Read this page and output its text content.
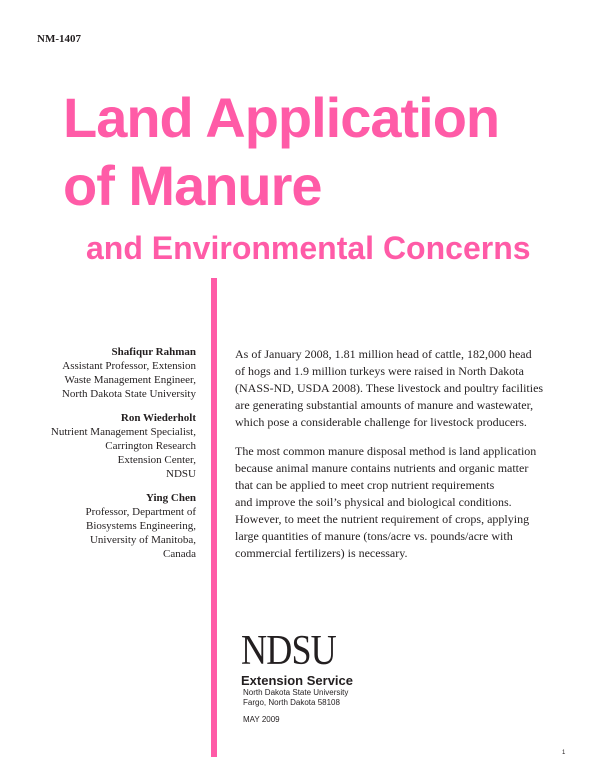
NM-1407
Land Application
of Manure
and Environmental Concerns
Shafiqur Rahman
Assistant Professor, Extension
Waste Management Engineer,
North Dakota State University
Ron Wiederholt
Nutrient Management Specialist,
Carrington Research
Extension Center,
NDSU
Ying Chen
Professor, Department of
Biosystems Engineering,
University of Manitoba,
Canada

As of January 2008, 1.81 million head of cattle, 182,000 head
of hogs and 1.9 million turkeys were raised in North Dakota
(NASS-ND, USDA 2008). These livestock and poultry facilities
are generating substantial amounts of manure and wastewater,
which pose a considerable challenge for livestock producers.

The most common manure disposal method is land application
because animal manure contains nutrients and organic matter
that can be applied to meet crop nutrient requirements
and improve the soil’s physical and biological conditions.
However, to meet the nutrient requirement of crops, applying
large quantities of manure (tons/acre vs. pounds/acre with
commercial fertilizers) is necessary.

NDSU
Extension Service
North Dakota State University
Fargo, North Dakota 58108
MAY 2009
1
